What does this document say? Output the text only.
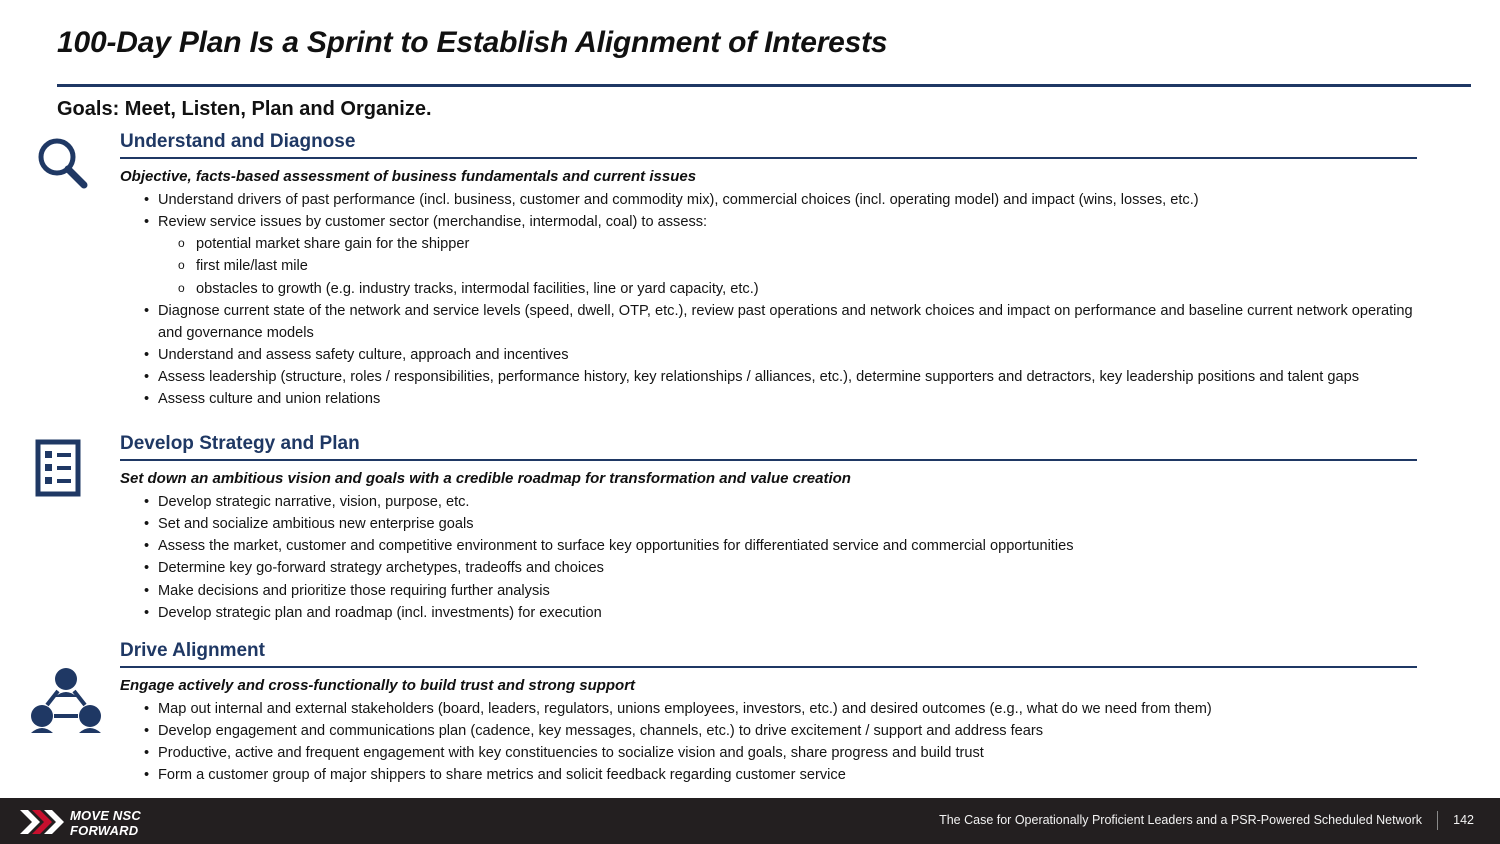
100-Day Plan Is a Sprint to Establish Alignment of Interests
Goals: Meet, Listen, Plan and Organize.
Understand and Diagnose
Objective, facts-based assessment of business fundamentals and current issues
• Understand drivers of past performance (incl. business, customer and commodity mix), commercial choices (incl. operating model) and impact (wins, losses, etc.)
• Review service issues by customer sector (merchandise, intermodal, coal) to assess:
o potential market share gain for the shipper
o first mile/last mile
o obstacles to growth (e.g. industry tracks, intermodal facilities, line or yard capacity, etc.)
• Diagnose current state of the network and service levels (speed, dwell, OTP, etc.), review past operations and network choices and impact on performance and baseline current network operating and governance models
• Understand and assess safety culture, approach and incentives
• Assess leadership (structure, roles / responsibilities, performance history, key relationships / alliances, etc.), determine supporters and detractors, key leadership positions and talent gaps
• Assess culture and union relations
Develop Strategy and Plan
Set down an ambitious vision and goals with a credible roadmap for transformation and value creation
• Develop strategic narrative, vision, purpose, etc.
• Set and socialize ambitious new enterprise goals
• Assess the market, customer and competitive environment to surface key opportunities for differentiated service and commercial opportunities
• Determine key go-forward strategy archetypes, tradeoffs and choices
• Make decisions and prioritize those requiring further analysis
• Develop strategic plan and roadmap (incl. investments) for execution
Drive Alignment
Engage actively and cross-functionally to build trust and strong support
• Map out internal and external stakeholders (board, leaders, regulators, unions employees, investors, etc.) and desired outcomes (e.g., what do we need from them)
• Develop engagement and communications plan (cadence, key messages, channels, etc.) to drive excitement / support and address fears
• Productive, active and frequent engagement with key constituencies to socialize vision and goals, share progress and build trust
• Form a customer group of major shippers to share metrics and solicit feedback regarding customer service
MOVE NSC
FORWARD
The Case for Operationally Proficient Leaders and a PSR-Powered Scheduled Network 142
